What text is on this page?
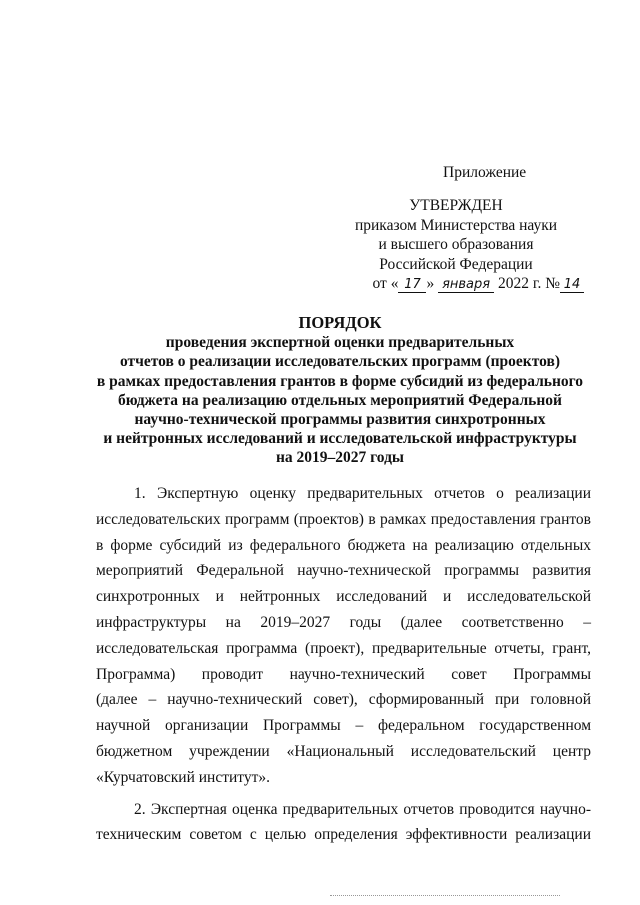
Приложение
УТВЕРЖДЕН
приказом Министерства науки
и высшего образования
Российской Федерации
от « 17 » января 2022 г. № 14
ПОРЯДОК
проведения экспертной оценки предварительных
отчетов о реализации исследовательских программ (проектов)
в рамках предоставления грантов в форме субсидий из федерального
бюджета на реализацию отдельных мероприятий Федеральной
научно-технической программы развития синхротронных
и нейтронных исследований и исследовательской инфраструктуры
на 2019–2027 годы
1. Экспертную оценку предварительных отчетов о реализации
исследовательских программ (проектов) в рамках предоставления грантов
в форме субсидий из федерального бюджета на реализацию отдельных
мероприятий Федеральной научно-технической программы развития
синхротронных и нейтронных исследований и исследовательской
инфраструктуры на 2019–2027 годы (далее соответственно –
исследовательская программа (проект), предварительные отчеты, грант,
Программа) проводит научно-технический совет Программы
(далее – научно-технический совет), сформированный при головной
научной организации Программы – федеральном государственном
бюджетном учреждении «Национальный исследовательский центр
«Курчатовский институт».
2. Экспертная оценка предварительных отчетов проводится научно-
техническим советом с целью определения эффективности реализации
